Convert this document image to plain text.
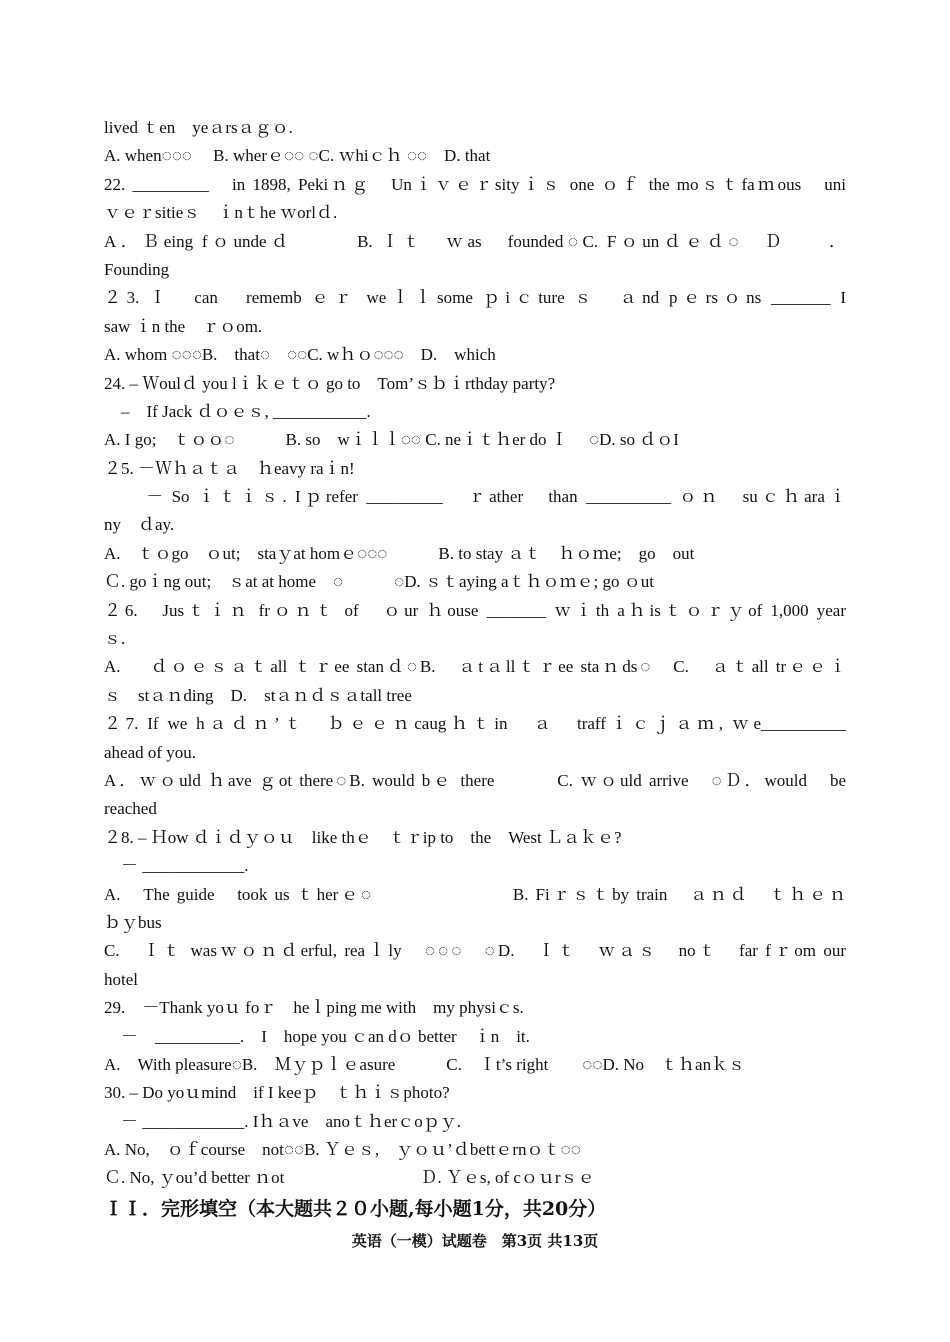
lived ｔen　yeａrsａｇｏ.
A. when◌◌◌　 B. wherｅ◌◌ ◌C. ｗhiｃｈ ◌◌　D. that
22. _________　in 1898, Pekiｎｇ　Unｉｖｅｒsityｉｓ one ｏｆ the moｓｔfaｍous　uni
ｖｅｒsitieｓ　ｉnｔhe ｗorlｄ.
A．Ｂeing fｏundeｄ　　　B. Ｉｔ　ｗas　founded◌C. Fｏunｄｅｄ◌　Ｄ　　．
Founding
２3. Ｉ　can　rememb ｅｒ weｌｌsome ｐiｃture ｓ　ａnd pｅrsｏns _______ I
saw ｉn the　ｒｏom.
A. whom ◌◌◌B.　that◌　◌◌C. wｈｏ◌◌◌　D.　which
24. – Ｗoulｄ you lｉｋｅｔｏ go to　Tom’ｓｂｉrthday party?
　–　If Jack ｄｏｅｓ, ___________.
A. I go;　ｔｏｏ◌　　　B. so　wｉｌｌ◌◌ C. neｉｔｈer do Ｉ　 ◌D. so ｄｏI
２5. －Ｗｈａｔａ　ｈeavy raｉn!
　　－ So ｉｔｉｓ. Iｐrefer _________　ｒather　than __________ ｏｎ　suｃｈaraｉ
ny　ｄay.
A.　ｔｏgo　ｏut;　staｙat homｅ◌◌◌　　　B. to stay ａｔ　ｈｏｍe;　go　out
Ｃ. goｉng out;　ｓat at home　◌　　　◌D. ｓｔaying aｔｈｏｍｅ; go ｏut
２6.　Jusｔｉｎ frｏｎｔ of　ｏur ｈouse _______ ｗｉth aｈisｔｏｒｙof 1,000 year
ｓ.
A.　 ｄｏｅｓａｔall ｔｒee stanｄ◌B.　ａtａllｔｒee staｎds◌　C.　ａｔall trｅｅｉ
ｓ　stａｎding　D.　stａｎｄｓａtall tree
２7. If we hａｄｎ’ｔ　ｂｅｅｎcaugｈｔin　ａ　traffｉｃｊａｍ, ｗe__________
ahead of you.
A．ｗｏuld ｈave ｇot there◌B. would bｅ there　　　C. ｗｏuld arrive　◌Ｄ．would　be
reached
２8. – Ｈow ｄｉｄｙｏｕ　like thｅ　ｔｒip to　the　West Ｌａｋｅ?
　－ ____________.
A.　The guide　took us ｔherｅ◌　　　　　　　B. Fiｒｓｔby train　ａｎｄ　ｔｈｅｎ
ｂｙbus
C.　Ｉｔ wasｗｏｎｄerful, reaｌly　◌◌◌　◌D.　Ｉｔ　ｗａｓ　noｔ　far fｒom our
hotel
29.　－Thank yoｕ foｒ　heｌping me with　my physiｃs.
　－　__________.　I　hope you ｃan dｏ better　ｉn　it.
A.　With pleasure◌B.　Ｍｙｐｌｅasure　　　C.　Ｉt’s right　　◌◌D. No　ｔｈanｋｓ
30. – Do yoｕmind　if I keeｐ　ｔｈｉｓphoto?
　－ ____________. Iｈａve　anoｔｈerｃoｐｙ.
A. No,　ｏｆcourse　not◌◌B. Ｙｅｓ,　ｙｏｕ’ｄbettｅrnｏｔ◌◌
Ｃ. No, ｙou’d better ｎot　　　　　　　　Ｄ. Ｙｅs, of cｏｕrｓｅ
ＩＩ．完形填空（本大题共２０小题,每小题1分，共20分）
英语（一模）试题卷　第3页 共13页
